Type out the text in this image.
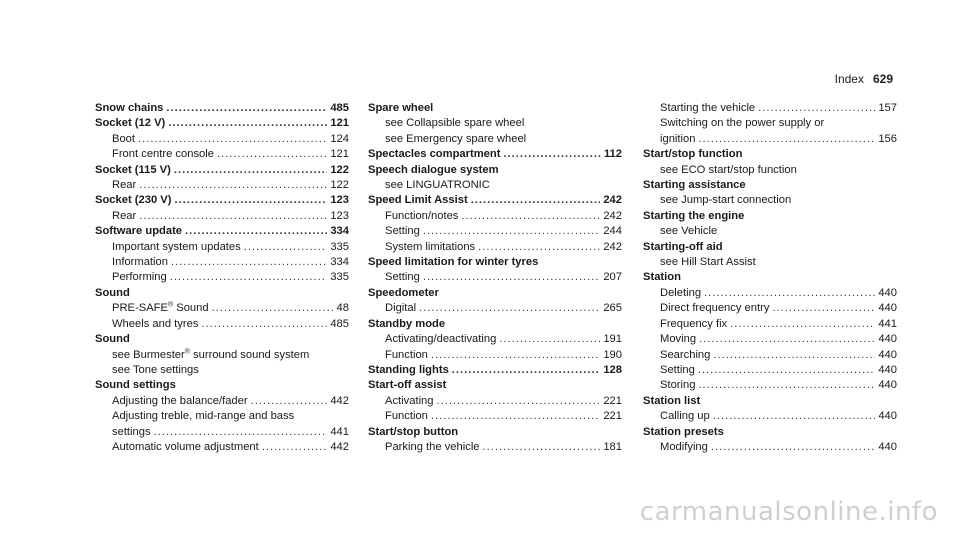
Index 629
Snow chains .....	485
Socket (12 V) .....	121
Boot .....	124
Front centre console .....	121
Socket (115 V) .....	122
Rear .....	122
Socket (230 V) .....	123
Rear .....	123
Software update .....	334
Important system updates .....	335
Information .....	334
Performing .....	335
Sound
PRE-SAFE® Sound .....	48
Wheels and tyres .....	485
Sound
see Burmester® surround sound system
see Tone settings
Sound settings
Adjusting the balance/fader .....	442
Adjusting treble, mid-range and bass
settings .....	441
Automatic volume adjustment .....	442
Spare wheel
see Collapsible spare wheel
see Emergency spare wheel
Spectacles compartment .....	112
Speech dialogue system
see LINGUATRONIC
Speed Limit Assist .....	242
Function/notes .....	242
Setting .....	244
System limitations .....	242
Speed limitation for winter tyres
Setting .....	207
Speedometer
Digital .....	265
Standby mode
Activating/deactivating .....	191
Function .....	190
Standing lights .....	128
Start-off assist
Activating .....	221
Function .....	221
Start/stop button
Parking the vehicle .....	181
Starting the vehicle .....	157
Switching on the power supply or
ignition .....	156
Start/stop function
see ECO start/stop function
Starting assistance
see Jump-start connection
Starting the engine
see Vehicle
Starting-off aid
see Hill Start Assist
Station
Deleting .....	440
Direct frequency entry .....	440
Frequency fix .....	441
Moving .....	440
Searching .....	440
Setting .....	440
Storing .....	440
Station list
Calling up .....	440
Station presets
Modifying .....	440
carmanualsonline.info
